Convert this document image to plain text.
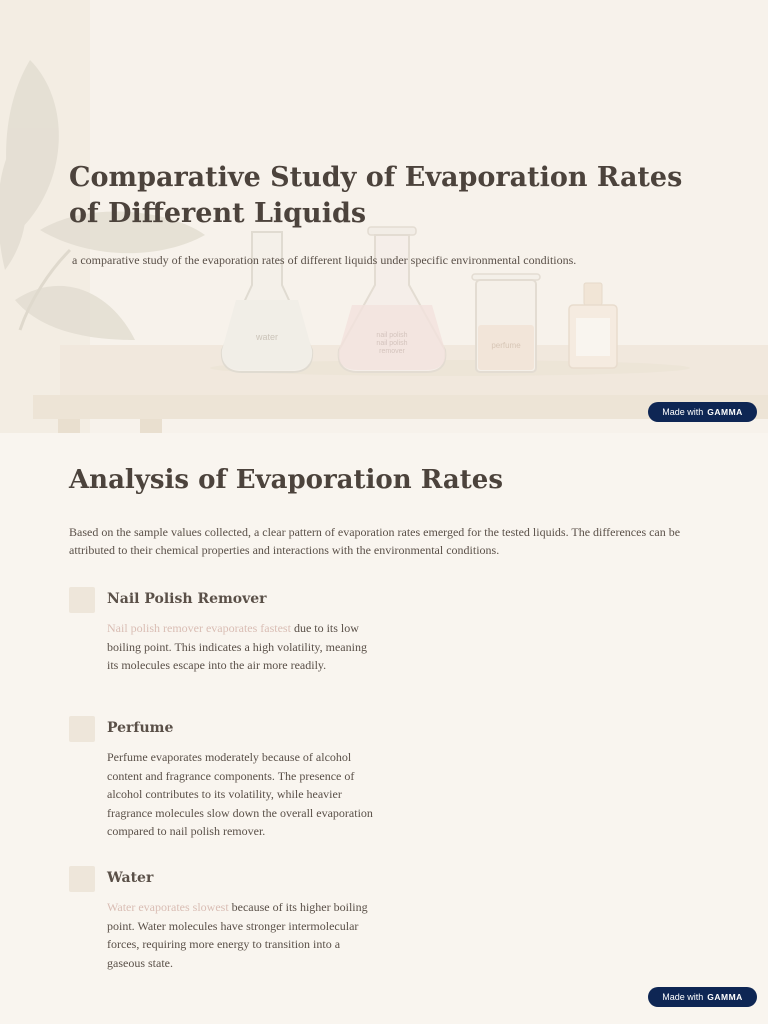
water	nail polish
nail polish
remover
perfume
Comparative Study of Evaporation Rates of Different Liquids

a comparative study of the evaporation rates of different liquids under specific environmental conditions.

Made with GAMMA
Analysis of Evaporation Rates

Based on the sample values collected, a clear pattern of evaporation rates emerged for the tested liquids. The differences can be attributed to their chemical properties and interactions with the environmental conditions.

Nail Polish Remover

Nail polish remover evaporates fastest due to its low boiling point. This indicates a high volatility, meaning its molecules escape into the air more readily.

Perfume

Perfume evaporates moderately because of alcohol content and fragrance components. The presence of alcohol contributes to its volatility, while heavier fragrance molecules slow down the overall evaporation compared to nail polish remover.

Water

Water evaporates slowest because of its higher boiling point. Water molecules have stronger intermolecular forces, requiring more energy to transition into a gaseous state.

Made with GAMMA
